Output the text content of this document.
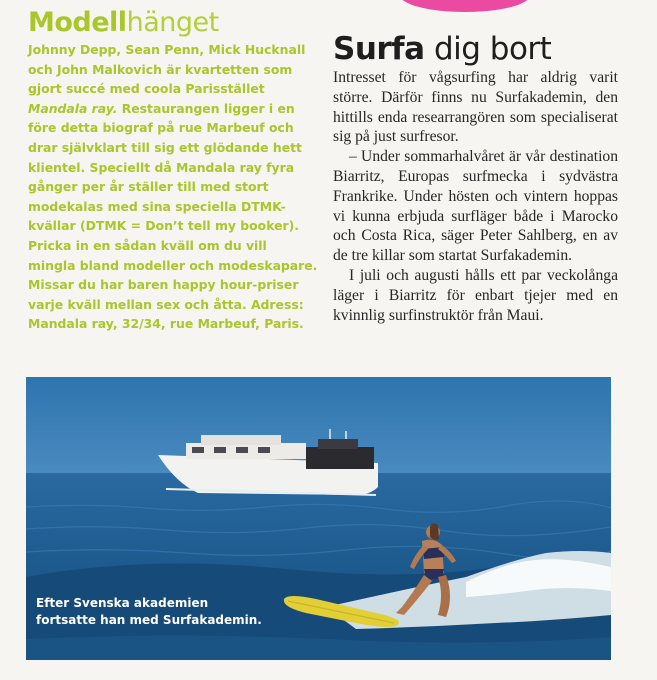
Modellhänget

Johnny Depp, Sean Penn, Mick Hucknall och John Malkovich är kvartetten som gjort succé med coola Parisstället Mandala ray. Restaurangen ligger i en före detta biograf på rue Marbeuf och drar självklart till sig ett glödande hett klientel. Speciellt då Mandala ray fyra gånger per år ställer till med stort modekalas med sina speciella DTMK-kvällar (DTMK = Don’t tell my booker). Pricka in en sådan kväll om du vill mingla bland modeller och modeskapare. Missar du har baren happy hour-priser varje kväll mellan sex och åtta. Adress: Mandala ray, 32/34, rue Marbeuf, Paris.

Surfa dig bort

Intresset för vågsurfing har aldrig varit större. Därför finns nu Surfakademin, den hittills enda researrangören som specialiserat sig på just surfresor.

– Under sommarhalvåret är vår destination Biarritz, Europas surfmecka i sydvästra Frankrike. Under hösten och vintern hoppas vi kunna erbjuda surfläger både i Marocko och Costa Rica, säger Peter Sahlberg, en av de tre killar som startat Surfakademin.

I juli och augusti hålls ett par veckolånga läger i Biarritz för enbart tjejer med en kvinnlig surfinstruktör från Maui.

Efter Svenska akademien fortsatte han med Surfakademin.
